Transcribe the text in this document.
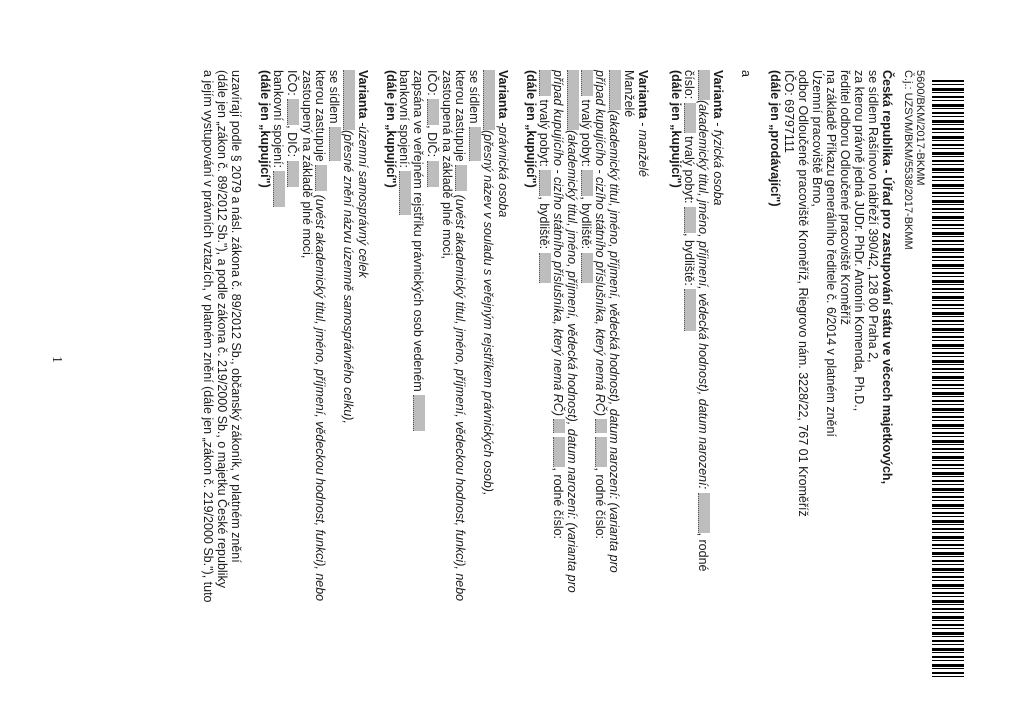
5600/BKM/2017-BKMM
Č.j.: UZSVM/BKM/5538/2017-BKMM
Česká republika - Úřad pro zastupování státu ve věcech majetkových,
se sídlem Rašínovo nábřeží 390/42, 128 00 Praha 2,
za kterou právně jedná JUDr. PhDr. Antonín Komenda, Ph.D.,
ředitel odboru Odloučené pracoviště Kroměříž
na základě Příkazu generálního ředitele č. 6/2014 v platném znění
Územní pracoviště Brno,
odbor Odloučené pracoviště Kroměříž, Riegrovo nám. 3228/22, 767 01 Kroměříž
IČO: 69797111
(dále jen „prodávající")
a
Varianta - fyzická osoba
(akademický titul, jméno, příjmení, vědecká hodnost), datum narození: , rodné
číslo:  trvalý pobyt: , bydliště:
(dále jen „kupující")
Varianta - manželé
Manželé
(akademický titul, jméno, příjmení, vědecká hodnost), datum narození: (varianta pro
případ kupujícího - cizího státního příslušníka, který nemá RČ) , rodné číslo:
trvalý pobyt: , bydliště:
(akademický titul, jméno, příjmení, vědecká hodnost), datum narození: (varianta pro
případ kupujícího - cizího státního příslušníka, který nemá RČ) , rodné číslo:
trvalý pobyt: , bydliště:
(dále jen „kupující")
Varianta -právnická osoba
(přesný název v souladu s veřejným rejstříkem právnických osob),
se sídlem
kterou zastupuje  (uvést akademický titul, jméno, příjmení, vědeckou hodnost, funkci), nebo
zastoupená na základě plné moci,
IČO: , DIČ:
zapsána ve veřejném rejstříku právnických osob vedeném
bankovní spojení:
(dále jen „kupující")
Varianta -územní samosprávný celek
(přesné znění názvu územně samosprávného celku),
se sídlem
kterou zastupuje  (uvést akademický titul, jméno, příjmení, vědeckou hodnost, funkci), nebo
zastoupený na základě plné moci,
IČO: , DIČ:
bankovní spojení:
(dále jen „kupující")
uzavírají podle § 2079 a násl. zákona č. 89/2012 Sb., občanský zákoník, v platném znění
(dále jen „zákon č. 89/2012 Sb."), a podle zákona č. 219/2000 Sb., o majetku České republiky
a jejím vystupování v právních vztazích, v platném znění (dále jen „zákon č. 219/2000 Sb."), tuto
1
